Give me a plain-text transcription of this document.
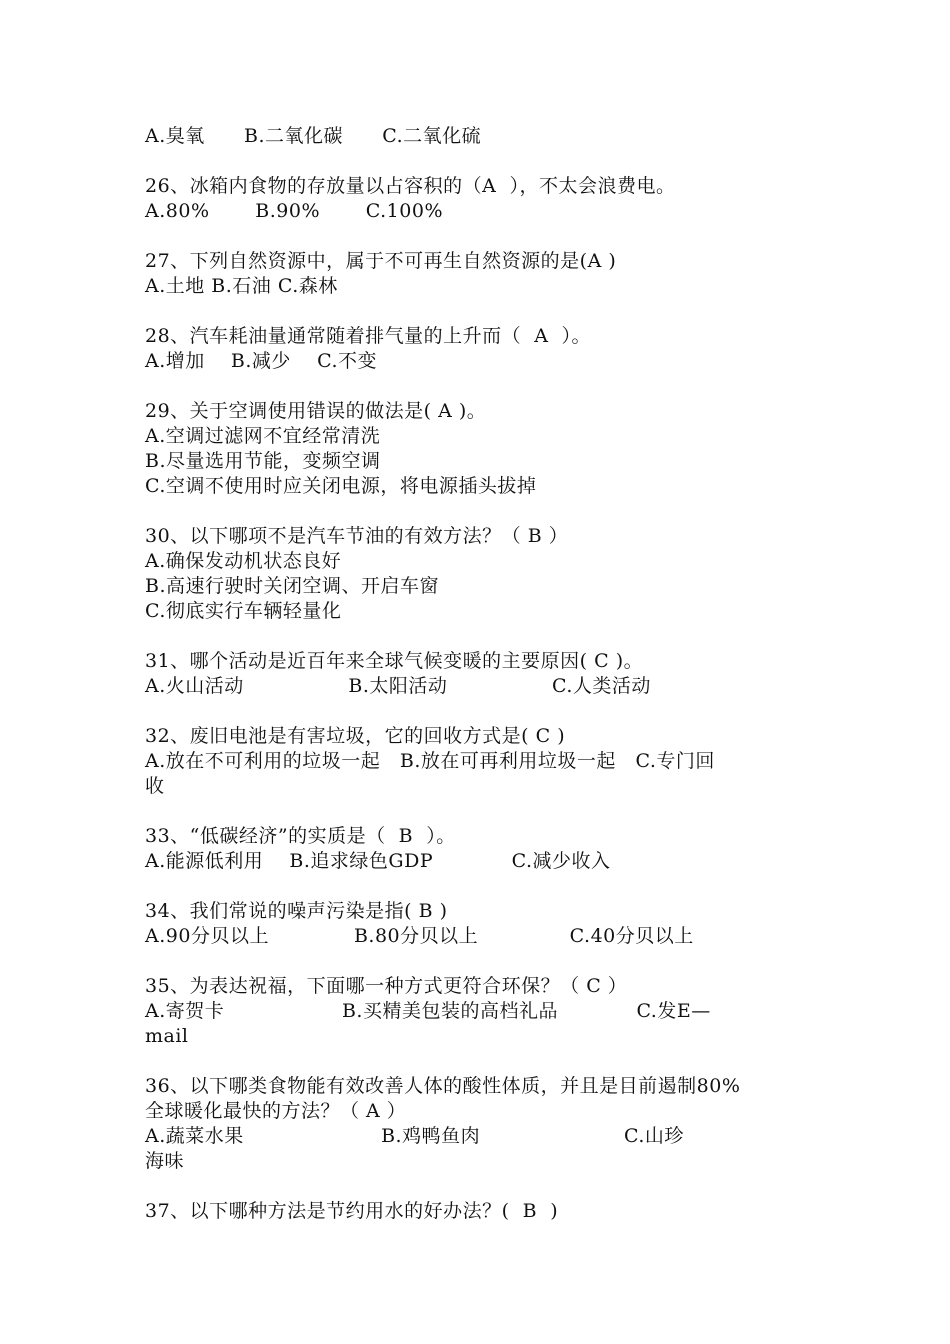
A.臭氧      B.二氧化碳      C.二氧化硫
26、冰箱内食物的存放量以占容积的（A  ），不太会浪费电。
A.80%       B.90%       C.100%
27、下列自然资源中，属于不可再生自然资源的是(A )
A.土地 B.石油 C.森林
28、汽车耗油量通常随着排气量的上升而（  A  ）。
A.增加    B.减少    C.不变
29、关于空调使用错误的做法是( A )。
A.空调过滤网不宜经常清洗
B.尽量选用节能，变频空调
C.空调不使用时应关闭电源，将电源插头拔掉
30、以下哪项不是汽车节油的有效方法？（ B ）
A.确保发动机状态良好
B.高速行驶时关闭空调、开启车窗
C.彻底实行车辆轻量化
31、哪个活动是近百年来全球气候变暖的主要原因( C )。
A.火山活动                B.太阳活动                C.人类活动
32、废旧电池是有害垃圾，它的回收方式是( C )
A.放在不可利用的垃圾一起   B.放在可再利用垃圾一起   C.专门回
收
33、“低碳经济”的实质是（  B  ）。
A.能源低利用    B.追求绿色GDP            C.减少收入
34、我们常说的噪声污染是指( B )
A.90分贝以上             B.80分贝以上              C.40分贝以上
35、为表达祝福，下面哪一种方式更符合环保？（ C ）
A.寄贺卡                  B.买精美包装的高档礼品            C.发E—
mail
36、以下哪类食物能有效改善人体的酸性体质，并且是目前遏制80%
全球暖化最快的方法？（ A ）
A.蔬菜水果                     B.鸡鸭鱼肉                      C.山珍
海味
37、以下哪种方法是节约用水的好办法？(  B  )
